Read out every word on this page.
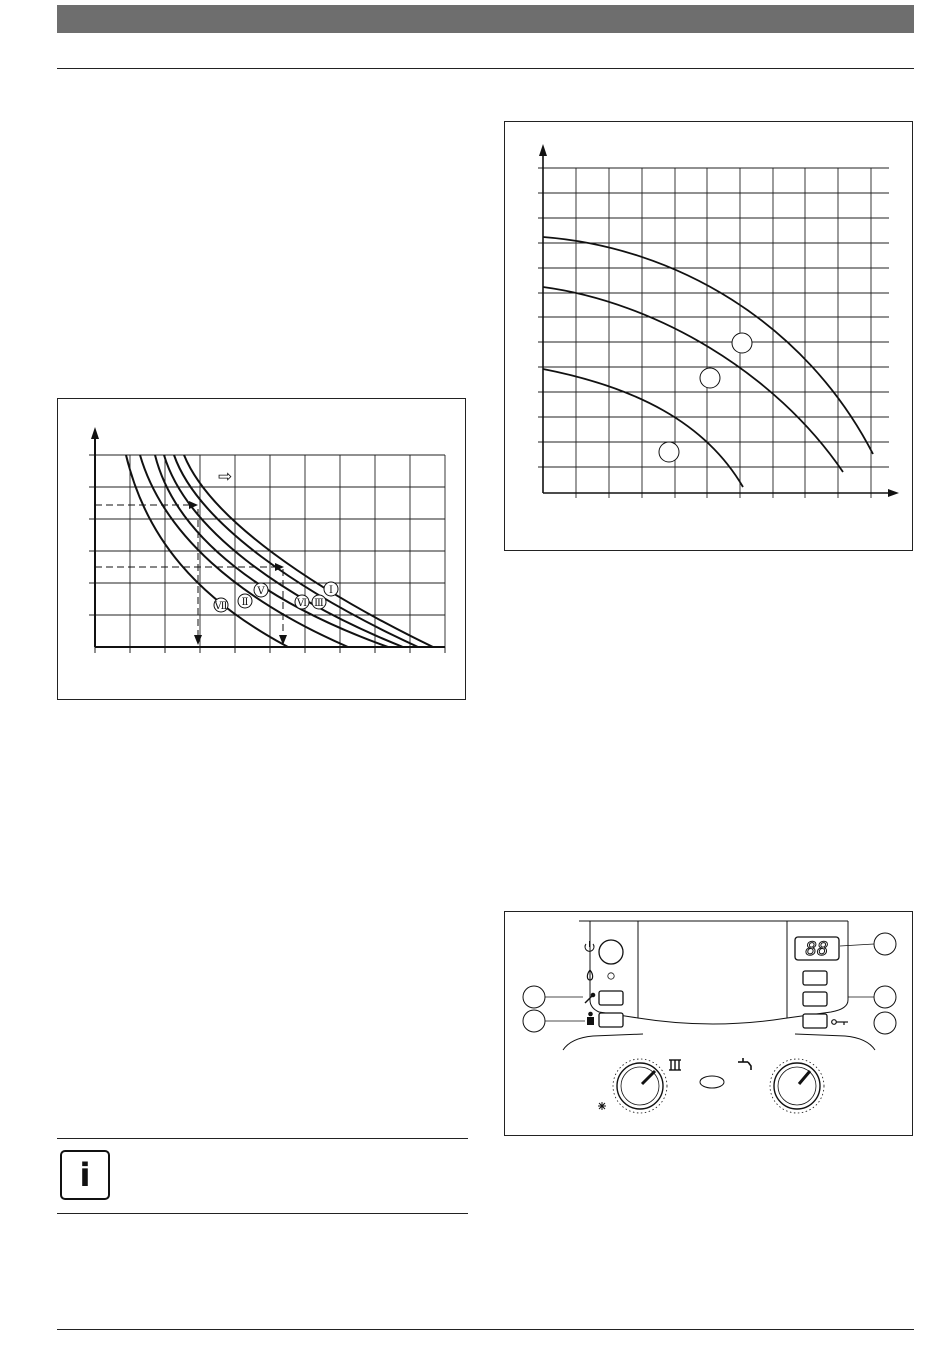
⇨
Ⅰ
Ⅱ	Ⅲ
Ⅴ
Ⅵ
Ⅶ
88
i
